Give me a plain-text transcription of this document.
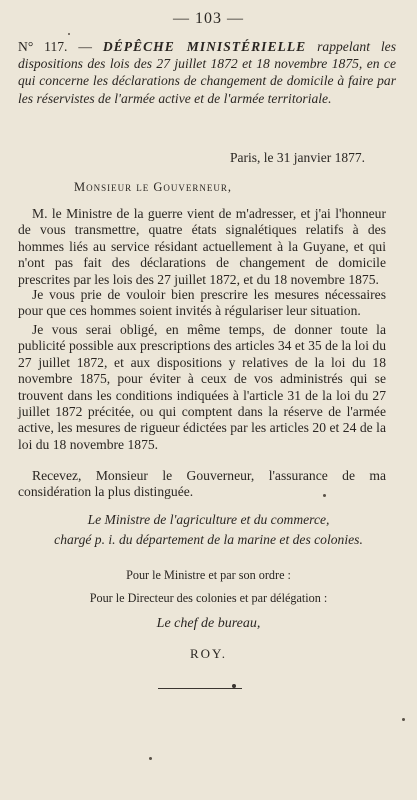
— 103 —
N° 117. — DÉPÊCHE MINISTÉRIELLE rappelant les dispositions des lois des 27 juillet 1872 et 18 novembre 1875, en ce qui concerne les déclarations de changement de domicile à faire par les réservistes de l'armée active et de l'armée territoriale.
Paris, le 31 janvier 1877.
Monsieur le Gouverneur,
M. le Ministre de la guerre vient de m'adresser, et j'ai l'honneur de vous transmettre, quatre états signalétiques relatifs à des hommes liés au service résidant actuellement à la Guyane, et qui n'ont pas fait des déclarations de changement de domicile prescrites par les lois des 27 juillet 1872, et du 18 novembre 1875.
Je vous prie de vouloir bien prescrire les mesures nécessaires pour que ces hommes soient invités à régulariser leur situation.
Je vous serai obligé, en même temps, de donner toute la publicité possible aux prescriptions des articles 34 et 35 de la loi du 27 juillet 1872, et aux dispositions y relatives de la loi du 18 novembre 1875, pour éviter à ceux de vos administrés qui se trouvent dans les conditions indiquées à l'article 31 de la loi du 27 juillet 1872 précitée, ou qui comptent dans la réserve de l'armée active, les mesures de rigueur édictées par les articles 20 et 24 de la loi du 18 novembre 1875.
Recevez, Monsieur le Gouverneur, l'assurance de ma considération la plus distinguée.
Le Ministre de l'agriculture et du commerce,
chargé p. i. du département de la marine et des colonies.
Pour le Ministre et par son ordre :
Pour le Directeur des colonies et par délégation :
Le chef de bureau,
ROY.
